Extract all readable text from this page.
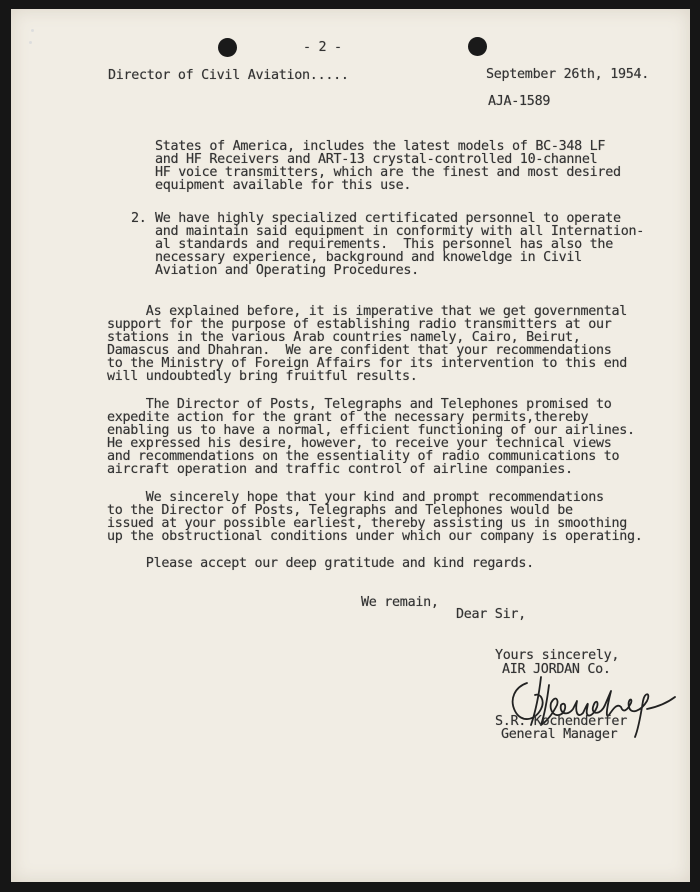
- 2 -
Director of Civil Aviation.....	September 26th, 1954.
AJA-1589
States of America, includes the latest models of BC-348 LF
and HF Receivers and ART-13 crystal-controlled 10-channel
HF voice transmitters, which are the finest and most desired
equipment available for this use.
2. We have highly specialized certificated personnel to operate
and maintain said equipment in conformity with all Internation-
al standards and requirements.  This personnel has also the
necessary experience, background and knoweldge in Civil
Aviation and Operating Procedures.
As explained before, it is imperative that we get governmental
support for the purpose of establishing radio transmitters at our
stations in the various Arab countries namely, Cairo, Beirut,
Damascus and Dhahran.  We are confident that your recommendations
to the Ministry of Foreign Affairs for its intervention to this end
will undoubtedly bring fruitful results.
The Director of Posts, Telegraphs and Telephones promised to
expedite action for the grant of the necessary permits,thereby
enabling us to have a normal, efficient functioning of our airlines.
He expressed his desire, however, to receive your technical views
and recommendations on the essentiality of radio communications to
aircraft operation and traffic control of airline companies.
We sincerely hope that your kind and prompt recommendations
to the Director of Posts, Telegraphs and Telephones would be
issued at your possible earliest, thereby assisting us in smoothing
up the obstructional conditions under which our company is operating.
Please accept our deep gratitude and kind regards.
We remain,
Dear Sir,
Yours sincerely,
AIR JORDAN Co.
S.R. Kochenderfer
General Manager
